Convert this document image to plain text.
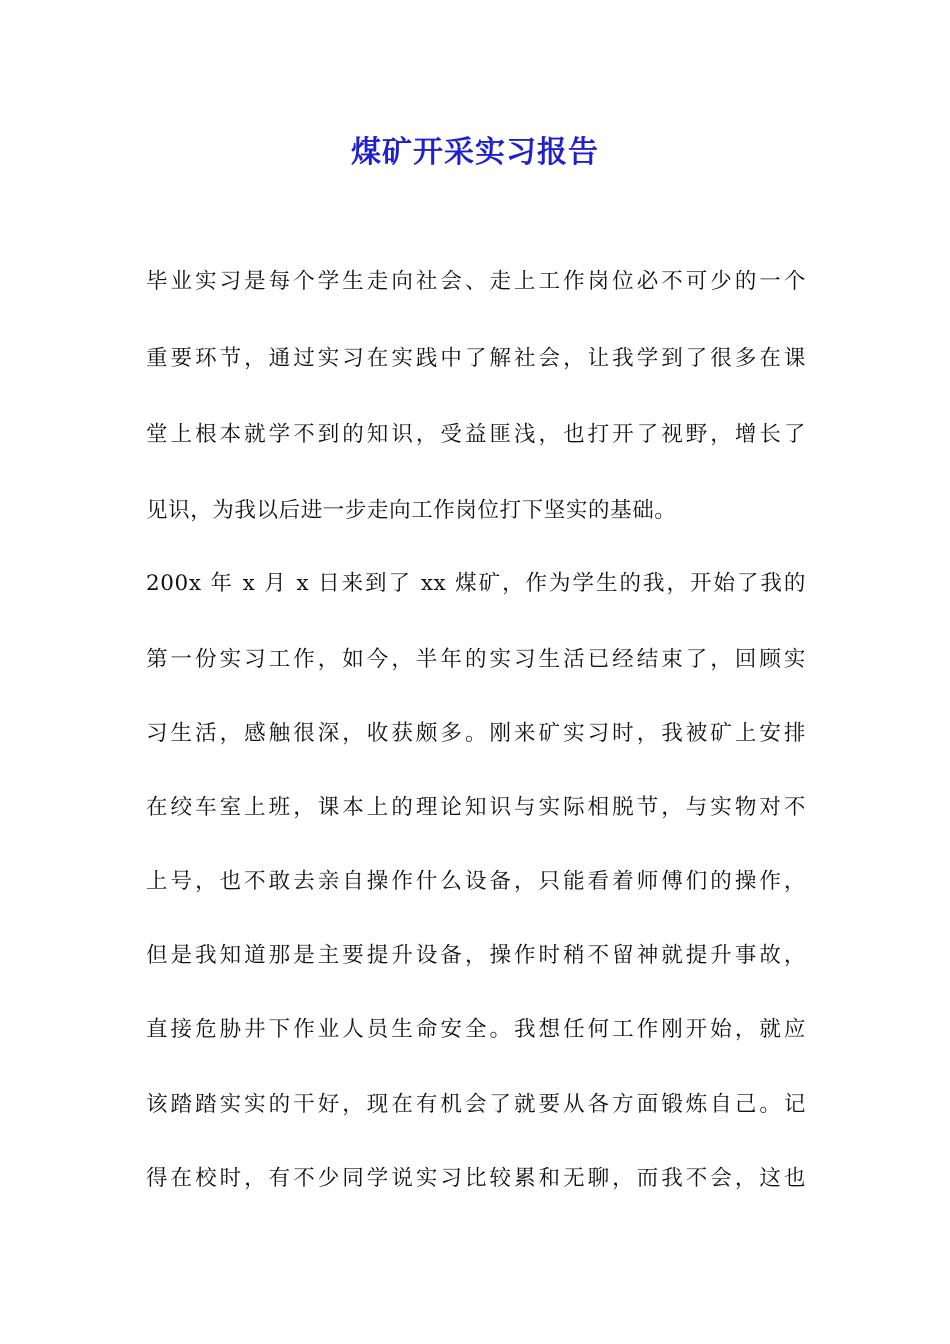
煤矿开采实习报告
毕业实习是每个学生走向社会、走上工作岗位必不可少的一个
重要环节，通过实习在实践中了解社会，让我学到了很多在课
堂上根本就学不到的知识，受益匪浅，也打开了视野，增长了
见识，为我以后进一步走向工作岗位打下坚实的基础。
200x 年 x 月 x 日来到了 xx 煤矿，作为学生的我，开始了我的
第一份实习工作，如今，半年的实习生活已经结束了，回顾实
习生活，感触很深，收获颇多。刚来矿实习时，我被矿上安排
在绞车室上班，课本上的理论知识与实际相脱节，与实物对不
上号，也不敢去亲自操作什么设备，只能看着师傅们的操作，
但是我知道那是主要提升设备，操作时稍不留神就提升事故，
直接危胁井下作业人员生命安全。我想任何工作刚开始，就应
该踏踏实实的干好，现在有机会了就要从各方面锻炼自己。记
得在校时，有不少同学说实习比较累和无聊，而我不会，这也
